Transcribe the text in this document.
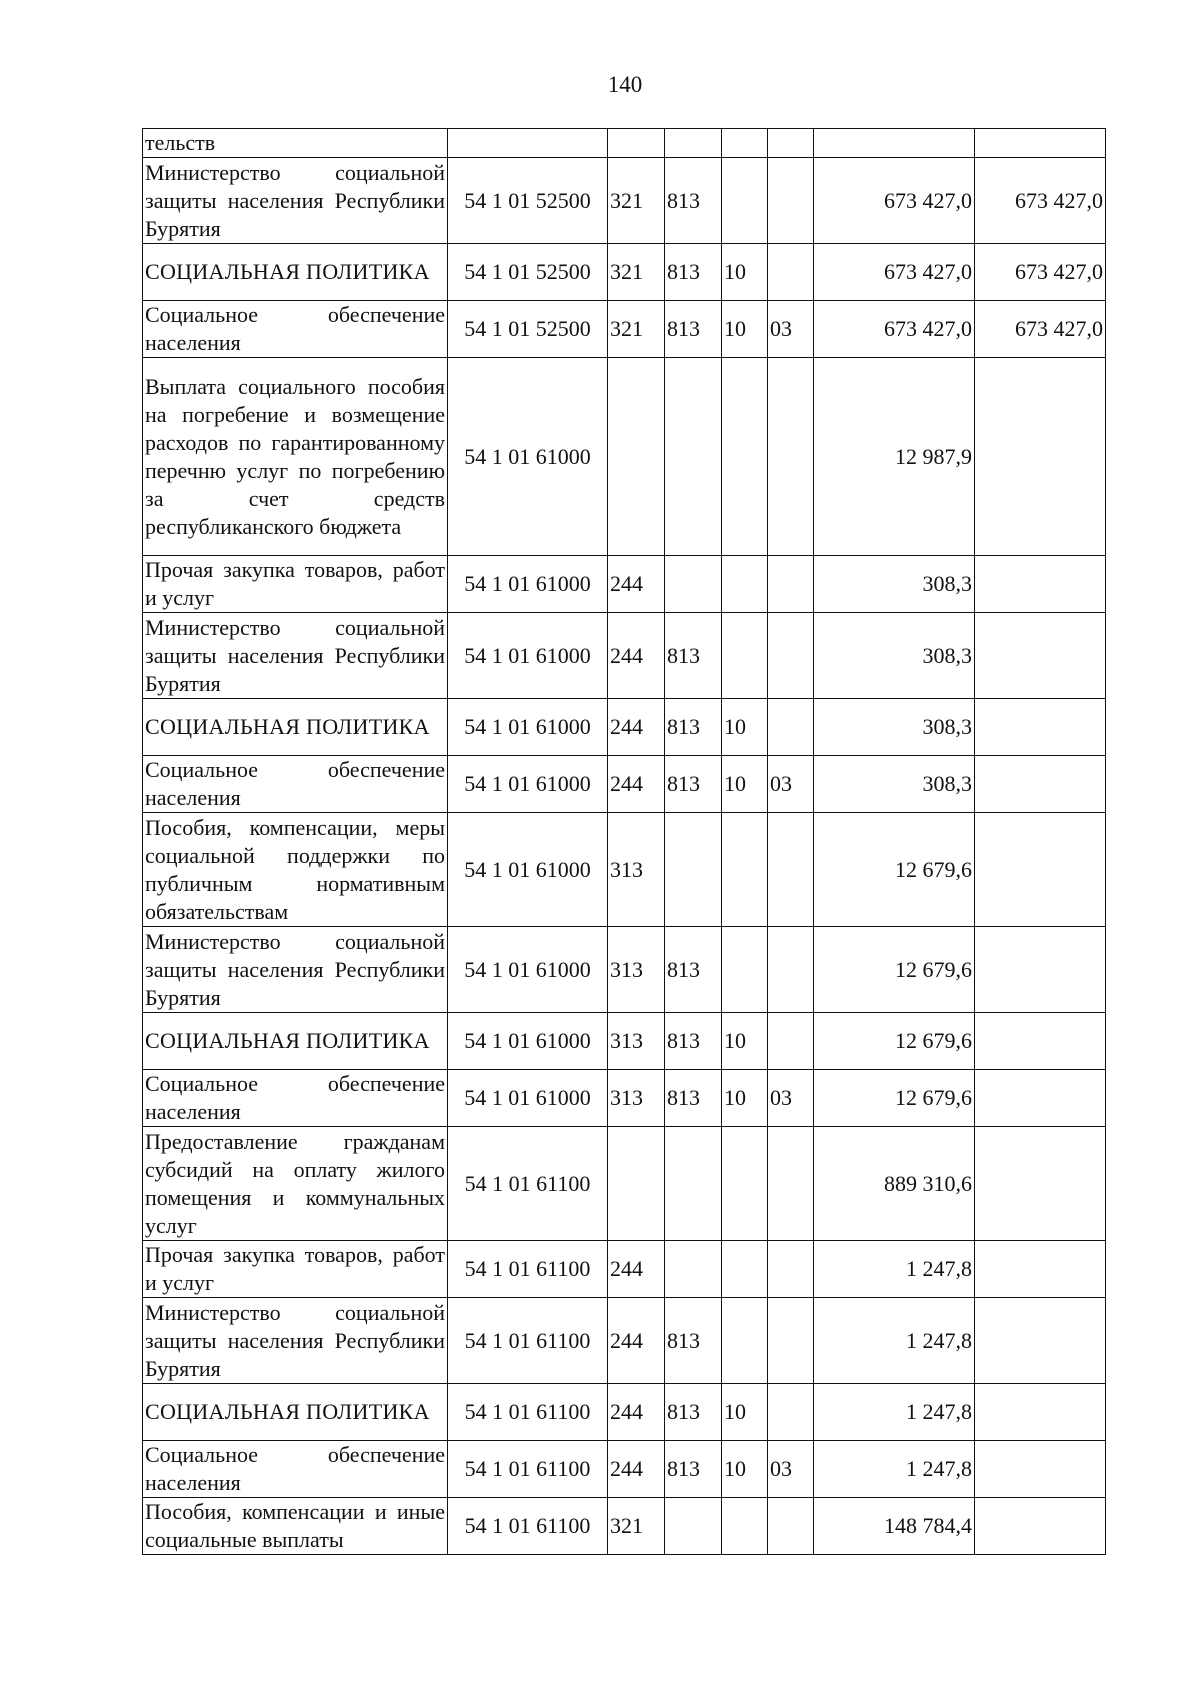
140
тельств							
Министерство социальной защиты населения Республики Бурятия	54 1 01 52500	321	813			673 427,0	673 427,0
СОЦИАЛЬНАЯ ПОЛИТИКА	54 1 01 52500	321	813	10		673 427,0	673 427,0
Социальное обеспечение населения	54 1 01 52500	321	813	10	03	673 427,0	673 427,0
Выплата социального пособия на погребение и возмещение расходов по гарантированному перечню услуг по погребению за счет средств республиканского бюджета	54 1 01 61000					12 987,9	
Прочая закупка товаров, работ и услуг	54 1 01 61000	244				308,3	
Министерство социальной защиты населения Республики Бурятия	54 1 01 61000	244	813			308,3	
СОЦИАЛЬНАЯ ПОЛИТИКА	54 1 01 61000	244	813	10		308,3	
Социальное обеспечение населения	54 1 01 61000	244	813	10	03	308,3	
Пособия, компенсации, меры социальной поддержки по публичным нормативным обязательствам	54 1 01 61000	313				12 679,6	
Министерство социальной защиты населения Республики Бурятия	54 1 01 61000	313	813			12 679,6	
СОЦИАЛЬНАЯ ПОЛИТИКА	54 1 01 61000	313	813	10		12 679,6	
Социальное обеспечение населения	54 1 01 61000	313	813	10	03	12 679,6	
Предоставление гражданам субсидий на оплату жилого помещения и коммунальных услуг	54 1 01 61100					889 310,6	
Прочая закупка товаров, работ и услуг	54 1 01 61100	244				1 247,8	
Министерство социальной защиты населения Республики Бурятия	54 1 01 61100	244	813			1 247,8	
СОЦИАЛЬНАЯ ПОЛИТИКА	54 1 01 61100	244	813	10		1 247,8	
Социальное обеспечение населения	54 1 01 61100	244	813	10	03	1 247,8	
Пособия, компенсации и иные социальные выплаты	54 1 01 61100	321				148 784,4	
